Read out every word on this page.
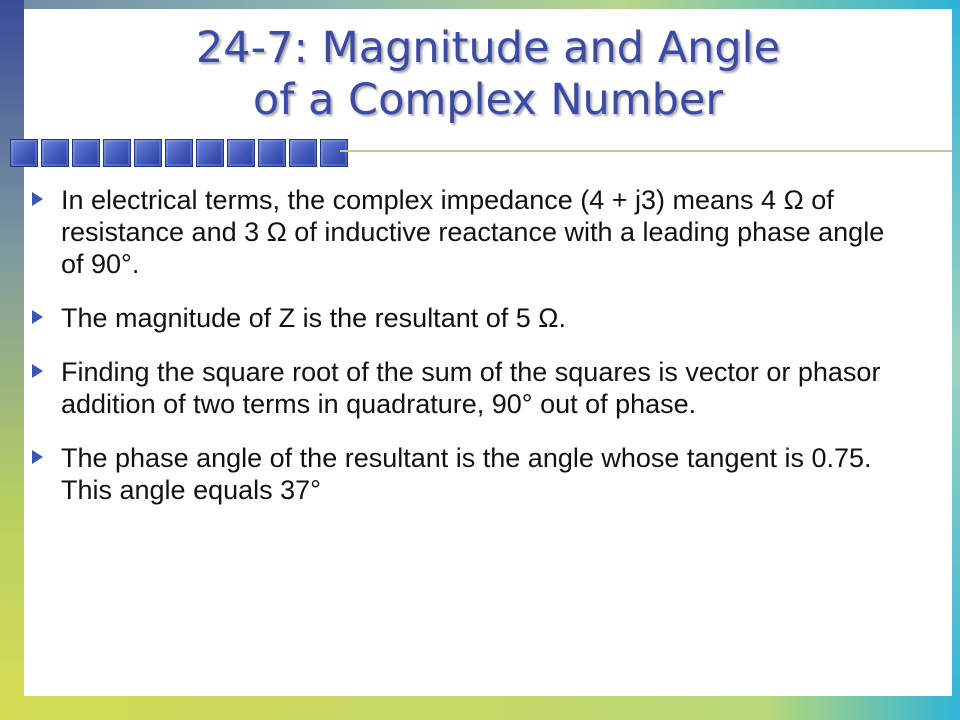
24-7: Magnitude and Angle
of a Complex Number
In electrical terms, the complex impedance (4 + j3) means 4 Ω of resistance and 3 Ω of inductive reactance with a leading phase angle of 90°.
The magnitude of Z is the resultant of 5 Ω.
Finding the square root of the sum of the squares is vector or phasor addition of two terms in quadrature, 90° out of phase.
The phase angle of the resultant is the angle whose tangent is 0.75. This angle equals 37°
